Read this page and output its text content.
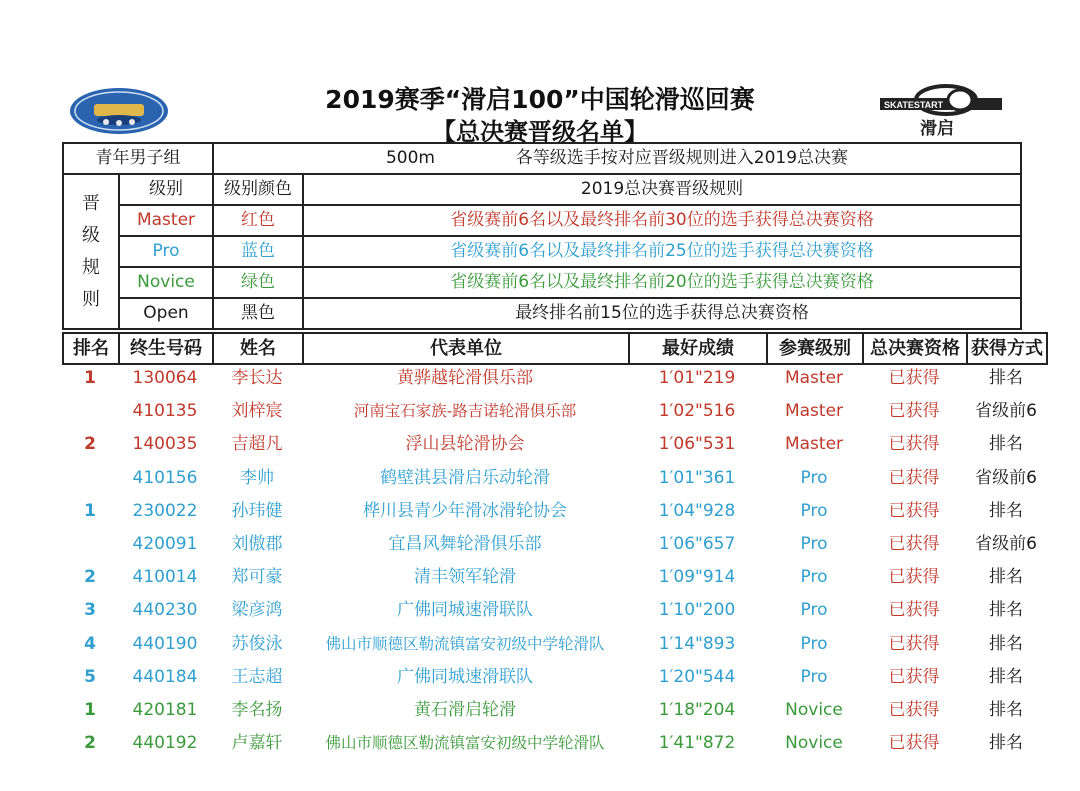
SKATESTART
滑启
2019赛季“滑启100”中国轮滑巡回赛
【总决赛晋级名单】
青年男子组		500m 各等级选手按对应晋级规则进入2019总决赛	

晋
级
规
则	级别	级别颜色	2019总决赛晋级规则
	Master	红色	省级赛前6名以及最终排名前30位的选手获得总决赛资格
	Pro	蓝色	省级赛前6名以及最终排名前25位的选手获得总决赛资格
	Novice	绿色	省级赛前6名以及最终排名前20位的选手获得总决赛资格
	Open	黑色	最终排名前15位的选手获得总决赛资格
1	130064	李长达	黄骅越轮滑俱乐部	1′01"219	Master	已获得	排名
	410135	刘梓宸	河南宝石家族-路吉诺轮滑俱乐部	1′02"516	Master	已获得	省级前6
2	140035	吉超凡	浮山县轮滑协会	1′06"531	Master	已获得	排名
	410156	李帅	鹤壁淇县滑启乐动轮滑	1′01"361	Pro	已获得	省级前6
1	230022	孙玮健	桦川县青少年滑冰滑轮协会	1′04"928	Pro	已获得	排名
	420091	刘傲郡	宜昌风舞轮滑俱乐部	1′06"657	Pro	已获得	省级前6
2	410014	郑可豪	清丰领军轮滑	1′09"914	Pro	已获得	排名
3	440230	梁彦鸿	广佛同城速滑联队	1′10"200	Pro	已获得	排名
4	440190	苏俊泳	佛山市顺德区勒流镇富安初级中学轮滑队	1′14"893	Pro	已获得	排名
5	440184	王志超	广佛同城速滑联队	1′20"544	Pro	已获得	排名
1	420181	李名扬	黄石滑启轮滑	1′18"204	Novice	已获得	排名
2	440192	卢嘉轩	佛山市顺德区勒流镇富安初级中学轮滑队	1′41"872	Novice	已获得	排名
排名	终生号码	姓名	代表单位	最好成绩	参赛级别	总决赛资格	获得方式
